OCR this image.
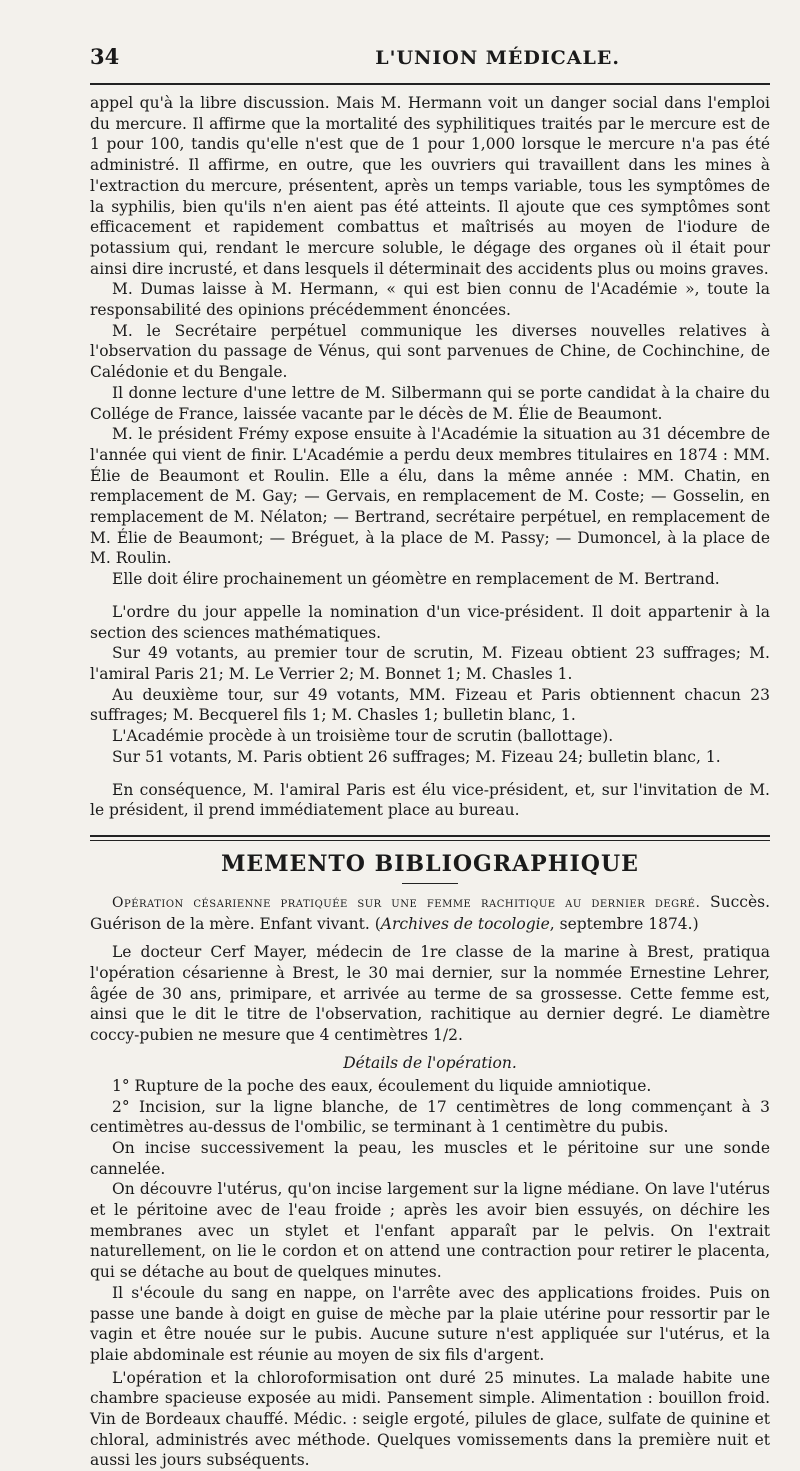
34	L'UNION MÉDICALE.

appel qu'à la libre discussion. Mais M. Hermann voit un danger social dans l'emploi du mercure. Il affirme que la mortalité des syphilitiques traités par le mercure est de 1 pour 100, tandis qu'elle n'est que de 1 pour 1,000 lorsque le mercure n'a pas été administré. Il affirme, en outre, que les ouvriers qui travaillent dans les mines à l'extraction du mercure, présentent, après un temps variable, tous les symptômes de la syphilis, bien qu'ils n'en aient pas été atteints. Il ajoute que ces symptômes sont efficacement et rapidement combattus et maîtrisés au moyen de l'iodure de potassium qui, rendant le mercure soluble, le dégage des organes où il était pour ainsi dire incrusté, et dans lesquels il déterminait des accidents plus ou moins graves.

M. Dumas laisse à M. Hermann, « qui est bien connu de l'Académie », toute la responsabilité des opinions précédemment énoncées.

M. le Secrétaire perpétuel communique les diverses nouvelles relatives à l'observation du passage de Vénus, qui sont parvenues de Chine, de Cochinchine, de Calédonie et du Bengale.

Il donne lecture d'une lettre de M. Silbermann qui se porte candidat à la chaire du Collége de France, laissée vacante par le décès de M. Élie de Beaumont.

M. le président Frémy expose ensuite à l'Académie la situation au 31 décembre de l'année qui vient de finir. L'Académie a perdu deux membres titulaires en 1874 : MM. Élie de Beaumont et Roulin. Elle a élu, dans la même année : MM. Chatin, en remplacement de M. Gay; — Gervais, en remplacement de M. Coste; — Gosselin, en remplacement de M. Nélaton; — Bertrand, secrétaire perpétuel, en remplacement de M. Élie de Beaumont; — Bréguet, à la place de M. Passy; — Dumoncel, à la place de M. Roulin.

Elle doit élire prochainement un géomètre en remplacement de M. Bertrand.

L'ordre du jour appelle la nomination d'un vice-président. Il doit appartenir à la section des sciences mathématiques.

Sur 49 votants, au premier tour de scrutin, M. Fizeau obtient 23 suffrages; M. l'amiral Paris 21; M. Le Verrier 2; M. Bonnet 1; M. Chasles 1.

Au deuxième tour, sur 49 votants, MM. Fizeau et Paris obtiennent chacun 23 suffrages; M. Becquerel fils 1; M. Chasles 1; bulletin blanc, 1.

L'Académie procède à un troisième tour de scrutin (ballottage).

Sur 51 votants, M. Paris obtient 26 suffrages; M. Fizeau 24; bulletin blanc, 1.

En conséquence, M. l'amiral Paris est élu vice-président, et, sur l'invitation de M. le président, il prend immédiatement place au bureau.

MEMENTO BIBLIOGRAPHIQUE

Opération césarienne pratiquée sur une femme rachitique au dernier degré. Succès. Guérison de la mère. Enfant vivant. (Archives de tocologie, septembre 1874.)

Le docteur Cerf Mayer, médecin de 1re classe de la marine à Brest, pratiqua l'opération césarienne à Brest, le 30 mai dernier, sur la nommée Ernestine Lehrer, âgée de 30 ans, primipare, et arrivée au terme de sa grossesse. Cette femme est, ainsi que le dit le titre de l'observation, rachitique au dernier degré. Le diamètre coccy-pubien ne mesure que 4 centimètres 1/2.

Détails de l'opération.

1° Rupture de la poche des eaux, écoulement du liquide amniotique.

2° Incision, sur la ligne blanche, de 17 centimètres de long commençant à 3 centimètres au-dessus de l'ombilic, se terminant à 1 centimètre du pubis.

On incise successivement la peau, les muscles et le péritoine sur une sonde cannelée.

On découvre l'utérus, qu'on incise largement sur la ligne médiane. On lave l'utérus et le péritoine avec de l'eau froide ; après les avoir bien essuyés, on déchire les membranes avec un stylet et l'enfant apparaît par le pelvis. On l'extrait naturellement, on lie le cordon et on attend une contraction pour retirer le placenta, qui se détache au bout de quelques minutes.

Il s'écoule du sang en nappe, on l'arrête avec des applications froides. Puis on passe une bande à doigt en guise de mèche par la plaie utérine pour ressortir par le vagin et être nouée sur le pubis. Aucune suture n'est appliquée sur l'utérus, et la plaie abdominale est réunie au moyen de six fils d'argent.

L'opération et la chloroformisation ont duré 25 minutes. La malade habite une chambre spacieuse exposée au midi. Pansement simple. Alimentation : bouillon froid. Vin de Bordeaux chauffé. Médic. : seigle ergoté, pilules de glace, sulfate de quinine et chloral, administrés avec méthode. Quelques vomissements dans la première nuit et aussi les jours subséquents.
